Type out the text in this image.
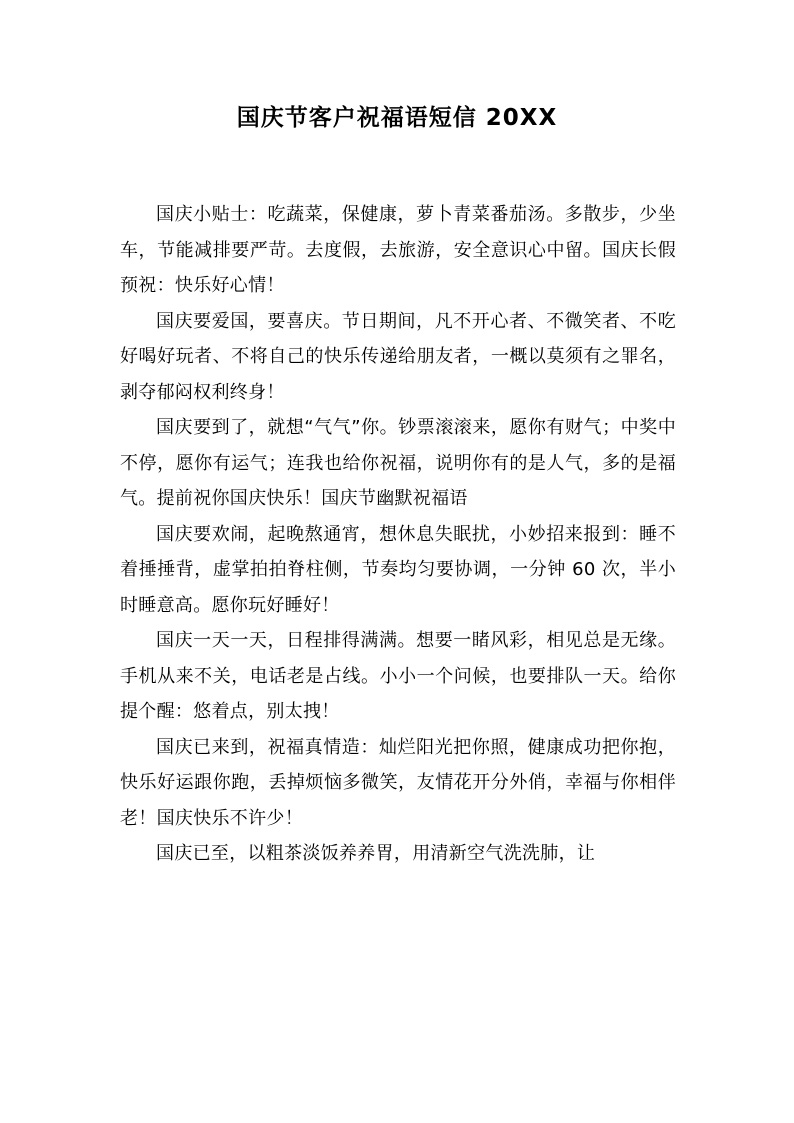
国庆节客户祝福语短信 20XX

国庆小贴士：吃蔬菜，保健康，萝卜青菜番茄汤。多散步，少坐车，节能减排要严苛。去度假，去旅游，安全意识心中留。国庆长假预祝：快乐好心情！

国庆要爱国，要喜庆。节日期间，凡不开心者、不微笑者、不吃好喝好玩者、不将自己的快乐传递给朋友者，一概以莫须有之罪名，剥夺郁闷权利终身！

国庆要到了，就想“气气”你。钞票滚滚来，愿你有财气；中奖中不停，愿你有运气；连我也给你祝福，说明你有的是人气，多的是福气。提前祝你国庆快乐！国庆节幽默祝福语

国庆要欢闹，起晚熬通宵，想休息失眠扰，小妙招来报到：睡不着捶捶背，虚掌拍拍脊柱侧，节奏均匀要协调，一分钟 60 次，半小时睡意高。愿你玩好睡好！

国庆一天一天，日程排得满满。想要一睹风彩，相见总是无缘。手机从来不关，电话老是占线。小小一个问候，也要排队一天。给你提个醒：悠着点，别太拽！

国庆已来到，祝福真情造：灿烂阳光把你照，健康成功把你抱，快乐好运跟你跑，丢掉烦恼多微笑，友情花开分外俏，幸福与你相伴老！国庆快乐不许少！

国庆已至，以粗茶淡饭养养胃，用清新空气洗洗肺，让
